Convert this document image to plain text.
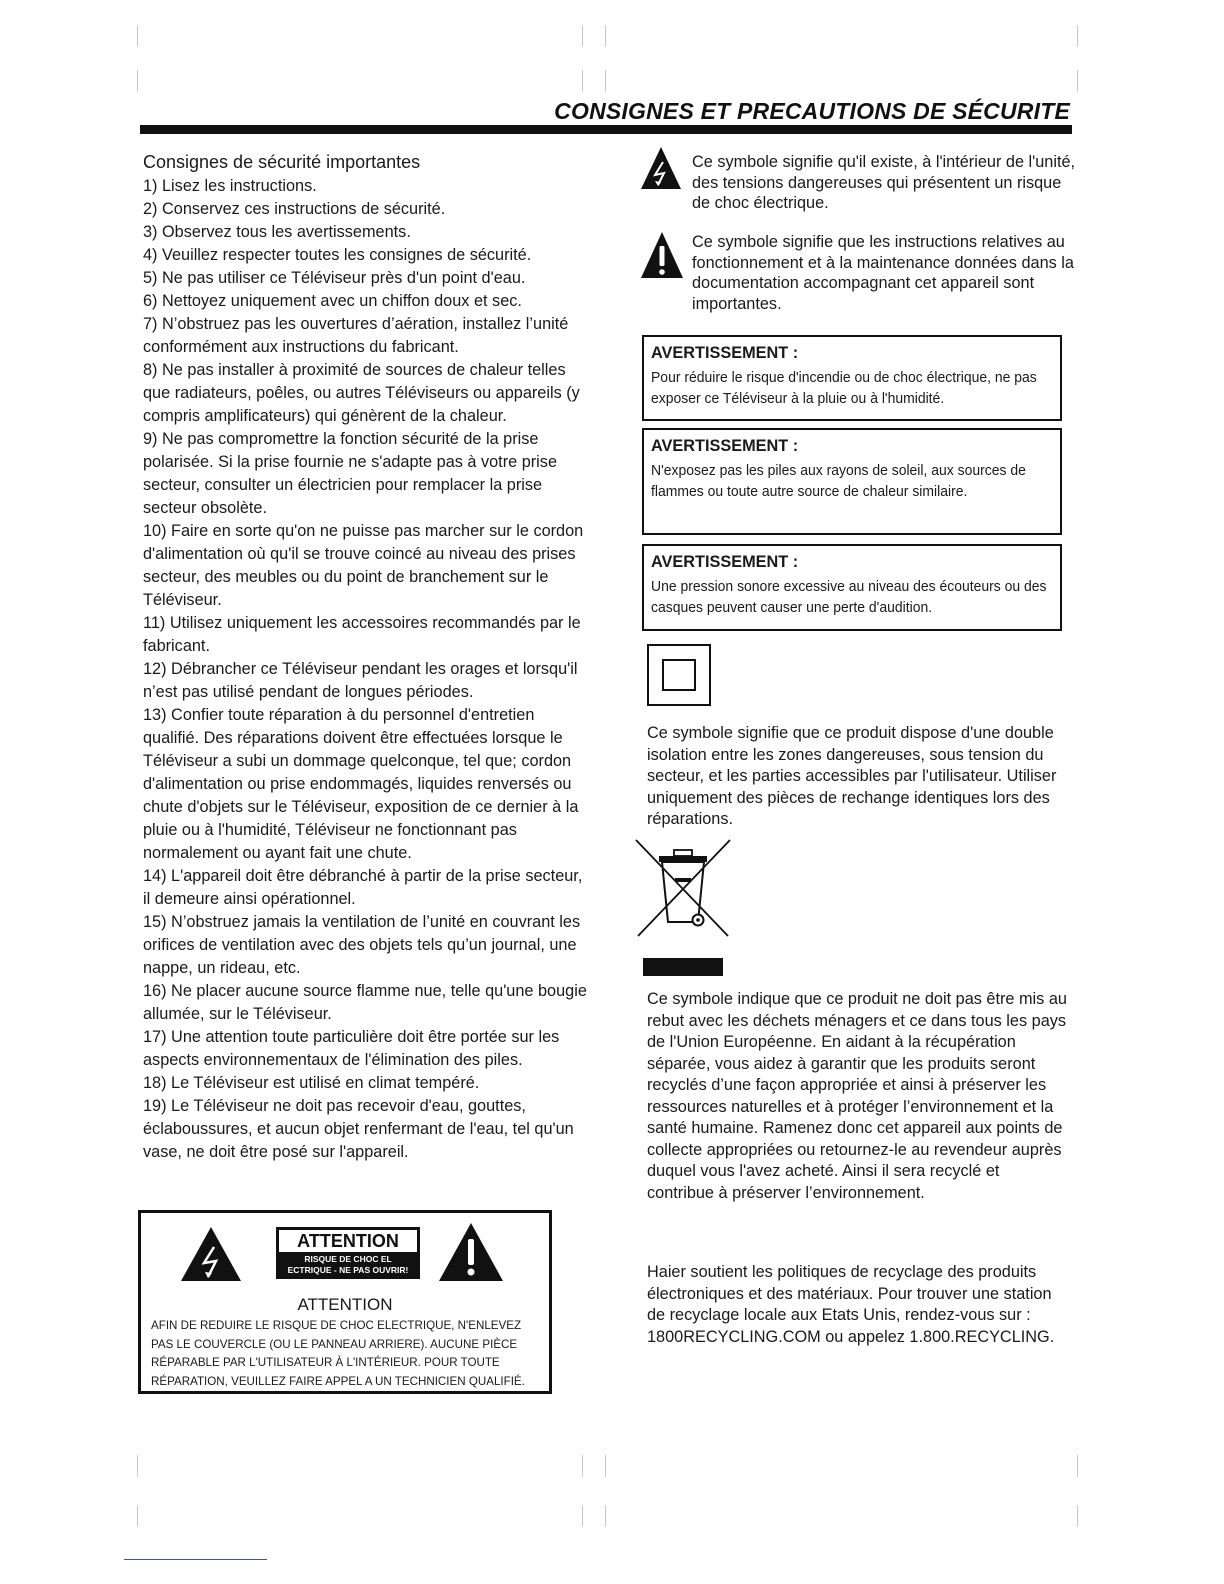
CONSIGNES ET PRECAUTIONS DE SÉCURITE
Consignes de sécurité importantes
1) Lisez les instructions.
2) Conservez ces instructions de sécurité.
3) Observez tous les avertissements.
4) Veuillez respecter toutes les consignes de sécurité.
5) Ne pas utiliser ce Téléviseur près d'un point d'eau.
6) Nettoyez uniquement avec un chiffon doux et sec.
7) N’obstruez pas les ouvertures d’aération, installez l’unité conformément aux instructions du fabricant.
8) Ne pas installer à proximité de sources de chaleur telles que radiateurs, poêles, ou autres Téléviseurs ou appareils (y compris amplificateurs) qui génèrent de la chaleur.
9) Ne pas compromettre la fonction sécurité de la prise polarisée. Si la prise fournie ne s'adapte pas à votre prise secteur, consulter un électricien pour remplacer la prise secteur obsolète.
10) Faire en sorte qu'on ne puisse pas marcher sur le cordon d'alimentation où qu'il se trouve coincé au niveau des prises secteur, des meubles ou du point de branchement sur le Téléviseur.
11) Utilisez uniquement les accessoires recommandés par le fabricant.
12) Débrancher ce Téléviseur pendant les orages et lorsqu'il n’est pas utilisé pendant de longues périodes.
13) Confier toute réparation à du personnel d'entretien qualifié. Des réparations doivent être effectuées lorsque le Téléviseur a subi un dommage quelconque, tel que; cordon d'alimentation ou prise endommagés, liquides renversés ou chute d'objets sur le Téléviseur, exposition de ce dernier à la pluie ou à l'humidité, Téléviseur ne fonctionnant pas normalement ou ayant fait une chute.
14) L'appareil doit être débranché à partir de la prise secteur, il demeure ainsi opérationnel.
15) N’obstruez jamais la ventilation de l’unité en couvrant les orifices de ventilation avec des objets tels qu’un journal, une nappe, un rideau, etc.
16) Ne placer aucune source flamme nue, telle qu'une bougie allumée, sur le Téléviseur.
17) Une attention toute particulière doit être portée sur les aspects environnementaux de l'élimination des piles.
18) Le Téléviseur est utilisé en climat tempéré.
19) Le Téléviseur ne doit pas recevoir d'eau, gouttes, éclaboussures, et aucun objet renfermant de l'eau, tel qu'un vase, ne doit être posé sur l'appareil.
ATTENTION
RISQUE DE CHOC EL
ECTRIQUE - NE PAS OUVRIR!
ATTENTION
AFIN DE REDUIRE LE RISQUE DE CHOC ELECTRIQUE, N'ENLEVEZ PAS LE COUVERCLE (OU LE PANNEAU ARRIERE). AUCUNE PIÈCE RÉPARABLE PAR L'UTILISATEUR À L'INTÉRIEUR. POUR TOUTE RÉPARATION, VEUILLEZ FAIRE APPEL A UN TECHNICIEN QUALIFIÉ.
Ce symbole signifie qu'il existe, à l'intérieur de l'unité, des tensions dangereuses qui présentent un risque de choc électrique.
Ce symbole signifie que les instructions relatives au fonctionnement et à la maintenance données dans la documentation accompagnant cet appareil sont importantes.
AVERTISSEMENT :
Pour réduire le risque d'incendie ou de choc électrique, ne pas exposer ce Téléviseur à la pluie ou à l'humidité.
AVERTISSEMENT :
N'exposez pas les piles aux rayons de soleil, aux sources de flammes ou toute autre source de chaleur similaire.
AVERTISSEMENT :
Une pression sonore excessive au niveau des écouteurs ou des casques peuvent causer une perte d'audition.
Ce symbole signifie que ce produit dispose d'une double isolation entre les zones dangereuses, sous tension du secteur, et les parties accessibles par l'utilisateur. Utiliser uniquement des pièces de rechange identiques lors des réparations.
Ce symbole indique que ce produit ne doit pas être mis au rebut avec les déchets ménagers et ce dans tous les pays de l'Union Européenne. En aidant à la récupération séparée, vous aidez à garantir que les produits seront recyclés d’une façon appropriée et ainsi à préserver les ressources naturelles et à protéger l’environnement et la santé humaine. Ramenez donc cet appareil aux points de collecte appropriées ou retournez-le au revendeur auprès duquel vous l'avez acheté. Ainsi il sera recyclé et contribue à préserver l’environnement.
Haier soutient les politiques de recyclage des produits électroniques et des matériaux. Pour trouver une station de recyclage locale aux Etats Unis, rendez-vous sur : 1800RECYCLING.COM ou appelez 1.800.RECYCLING.
